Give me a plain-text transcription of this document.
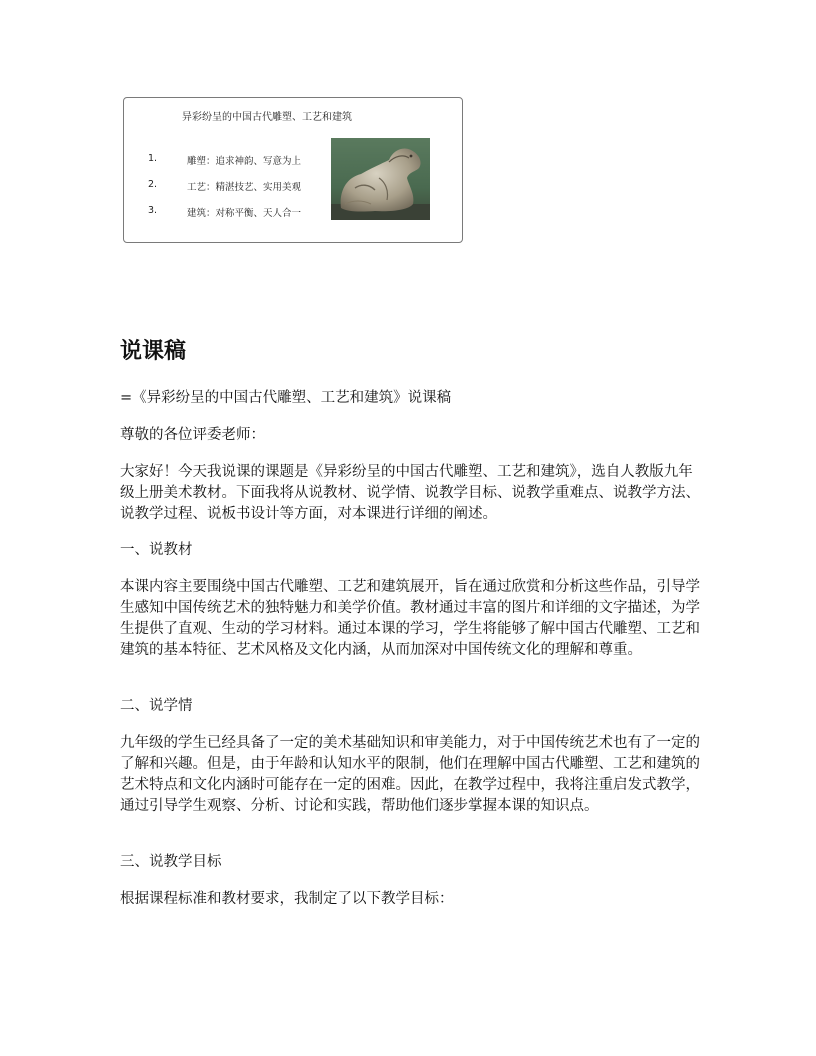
异彩纷呈的中国古代雕塑、工艺和建筑
1.	雕塑：追求神韵、写意为上
2.	工艺：精湛技艺、实用美观
3.	建筑：对称平衡、天人合一
说课稿

=《异彩纷呈的中国古代雕塑、工艺和建筑》说课稿

尊敬的各位评委老师：

大家好！今天我说课的课题是《异彩纷呈的中国古代雕塑、工艺和建筑》，选自人教版九年级上册美术教材。下面我将从说教材、说学情、说教学目标、说教学重难点、说教学方法、说教学过程、说板书设计等方面，对本课进行详细的阐述。

一、说教材

本课内容主要围绕中国古代雕塑、工艺和建筑展开，旨在通过欣赏和分析这些作品，引导学生感知中国传统艺术的独特魅力和美学价值。教材通过丰富的图片和详细的文字描述，为学生提供了直观、生动的学习材料。通过本课的学习，学生将能够了解中国古代雕塑、工艺和建筑的基本特征、艺术风格及文化内涵，从而加深对中国传统文化的理解和尊重。

二、说学情

九年级的学生已经具备了一定的美术基础知识和审美能力，对于中国传统艺术也有了一定的了解和兴趣。但是，由于年龄和认知水平的限制，他们在理解中国古代雕塑、工艺和建筑的艺术特点和文化内涵时可能存在一定的困难。因此，在教学过程中，我将注重启发式教学，通过引导学生观察、分析、讨论和实践，帮助他们逐步掌握本课的知识点。

三、说教学目标

根据课程标准和教材要求，我制定了以下教学目标：
